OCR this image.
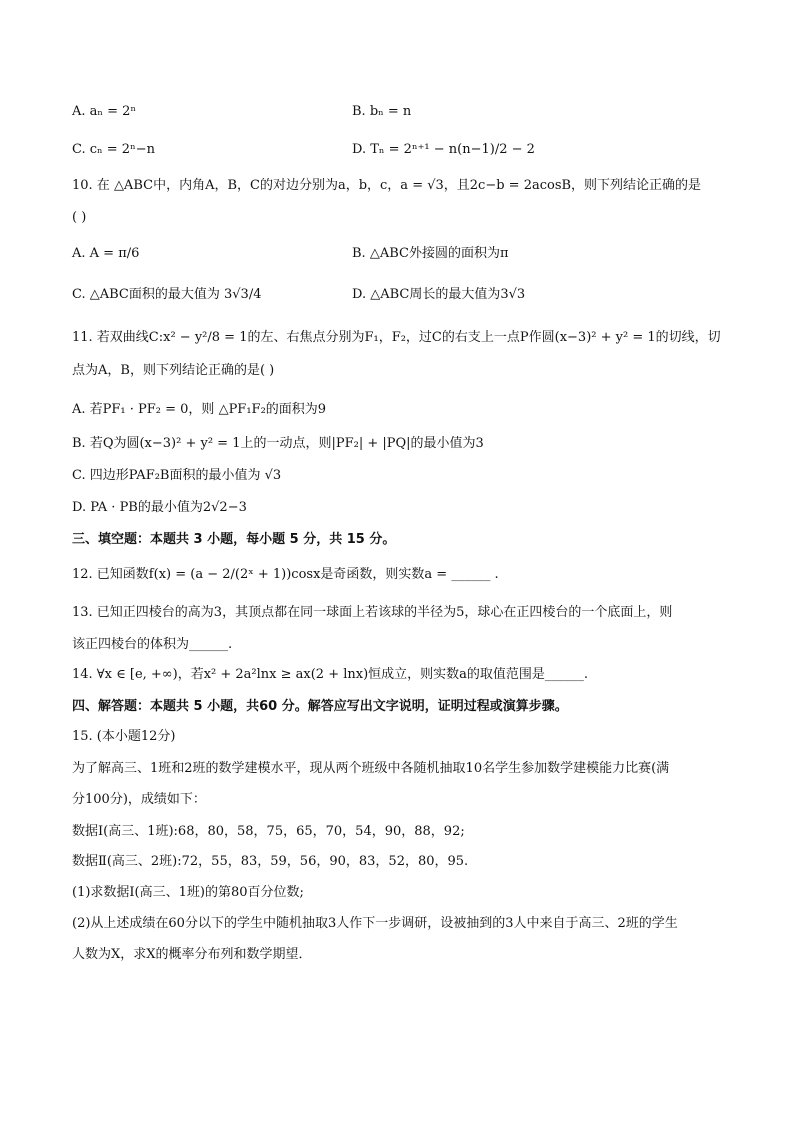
A. aₙ = 2ⁿ	B. bₙ = n
C. cₙ = 2ⁿ−n	D. Tₙ = 2ⁿ⁺¹ − n(n−1)/2 − 2
10. 在 △ABC中，内角A，B，C的对边分别为a，b，c，a = √3，且2c−b = 2acosB，则下列结论正确的是
( )
A. A = π/6	B. △ABC外接圆的面积为π
C. △ABC面积的最大值为 3√3/4	D. △ABC周长的最大值为3√3
11. 若双曲线C:x² − y²/8 = 1的左、右焦点分别为F₁，F₂，过C的右支上一点P作圆(x−3)² + y² = 1的切线，切
点为A，B，则下列结论正确的是( )
A. 若PF₁ · PF₂ = 0，则 △PF₁F₂的面积为9
B. 若Q为圆(x−3)² + y² = 1上的一动点，则|PF₂| + |PQ|的最小值为3
C. 四边形PAF₂B面积的最小值为 √3
D. PA · PB的最小值为2√2−3
三、填空题：本题共 3 小题，每小题 5 分，共 15 分。
12. 已知函数f(x) = (a − 2/(2ˣ + 1))cosx是奇函数，则实数a = ______ .
13. 已知正四棱台的高为3，其顶点都在同一球面上若该球的半径为5，球心在正四棱台的一个底面上，则
该正四棱台的体积为______.
14. ∀x ∈ [e, +∞)，若x² + 2a²lnx ≥ ax(2 + lnx)恒成立，则实数a的取值范围是______.
四、解答题：本题共 5 小题，共60 分。解答应写出文字说明，证明过程或演算步骤。
15. (本小题12分)
为了解高三、1班和2班的数学建模水平，现从两个班级中各随机抽取10名学生参加数学建模能力比赛(满
分100分)，成绩如下：
数据Ⅰ(高三、1班):68，80，58，75，65，70，54，90，88，92;
数据Ⅱ(高三、2班):72，55，83，59，56，90，83，52，80，95.
(1)求数据Ⅰ(高三、1班)的第80百分位数;
(2)从上述成绩在60分以下的学生中随机抽取3人作下一步调研，设被抽到的3人中来自于高三、2班的学生
人数为X，求X的概率分布列和数学期望．
